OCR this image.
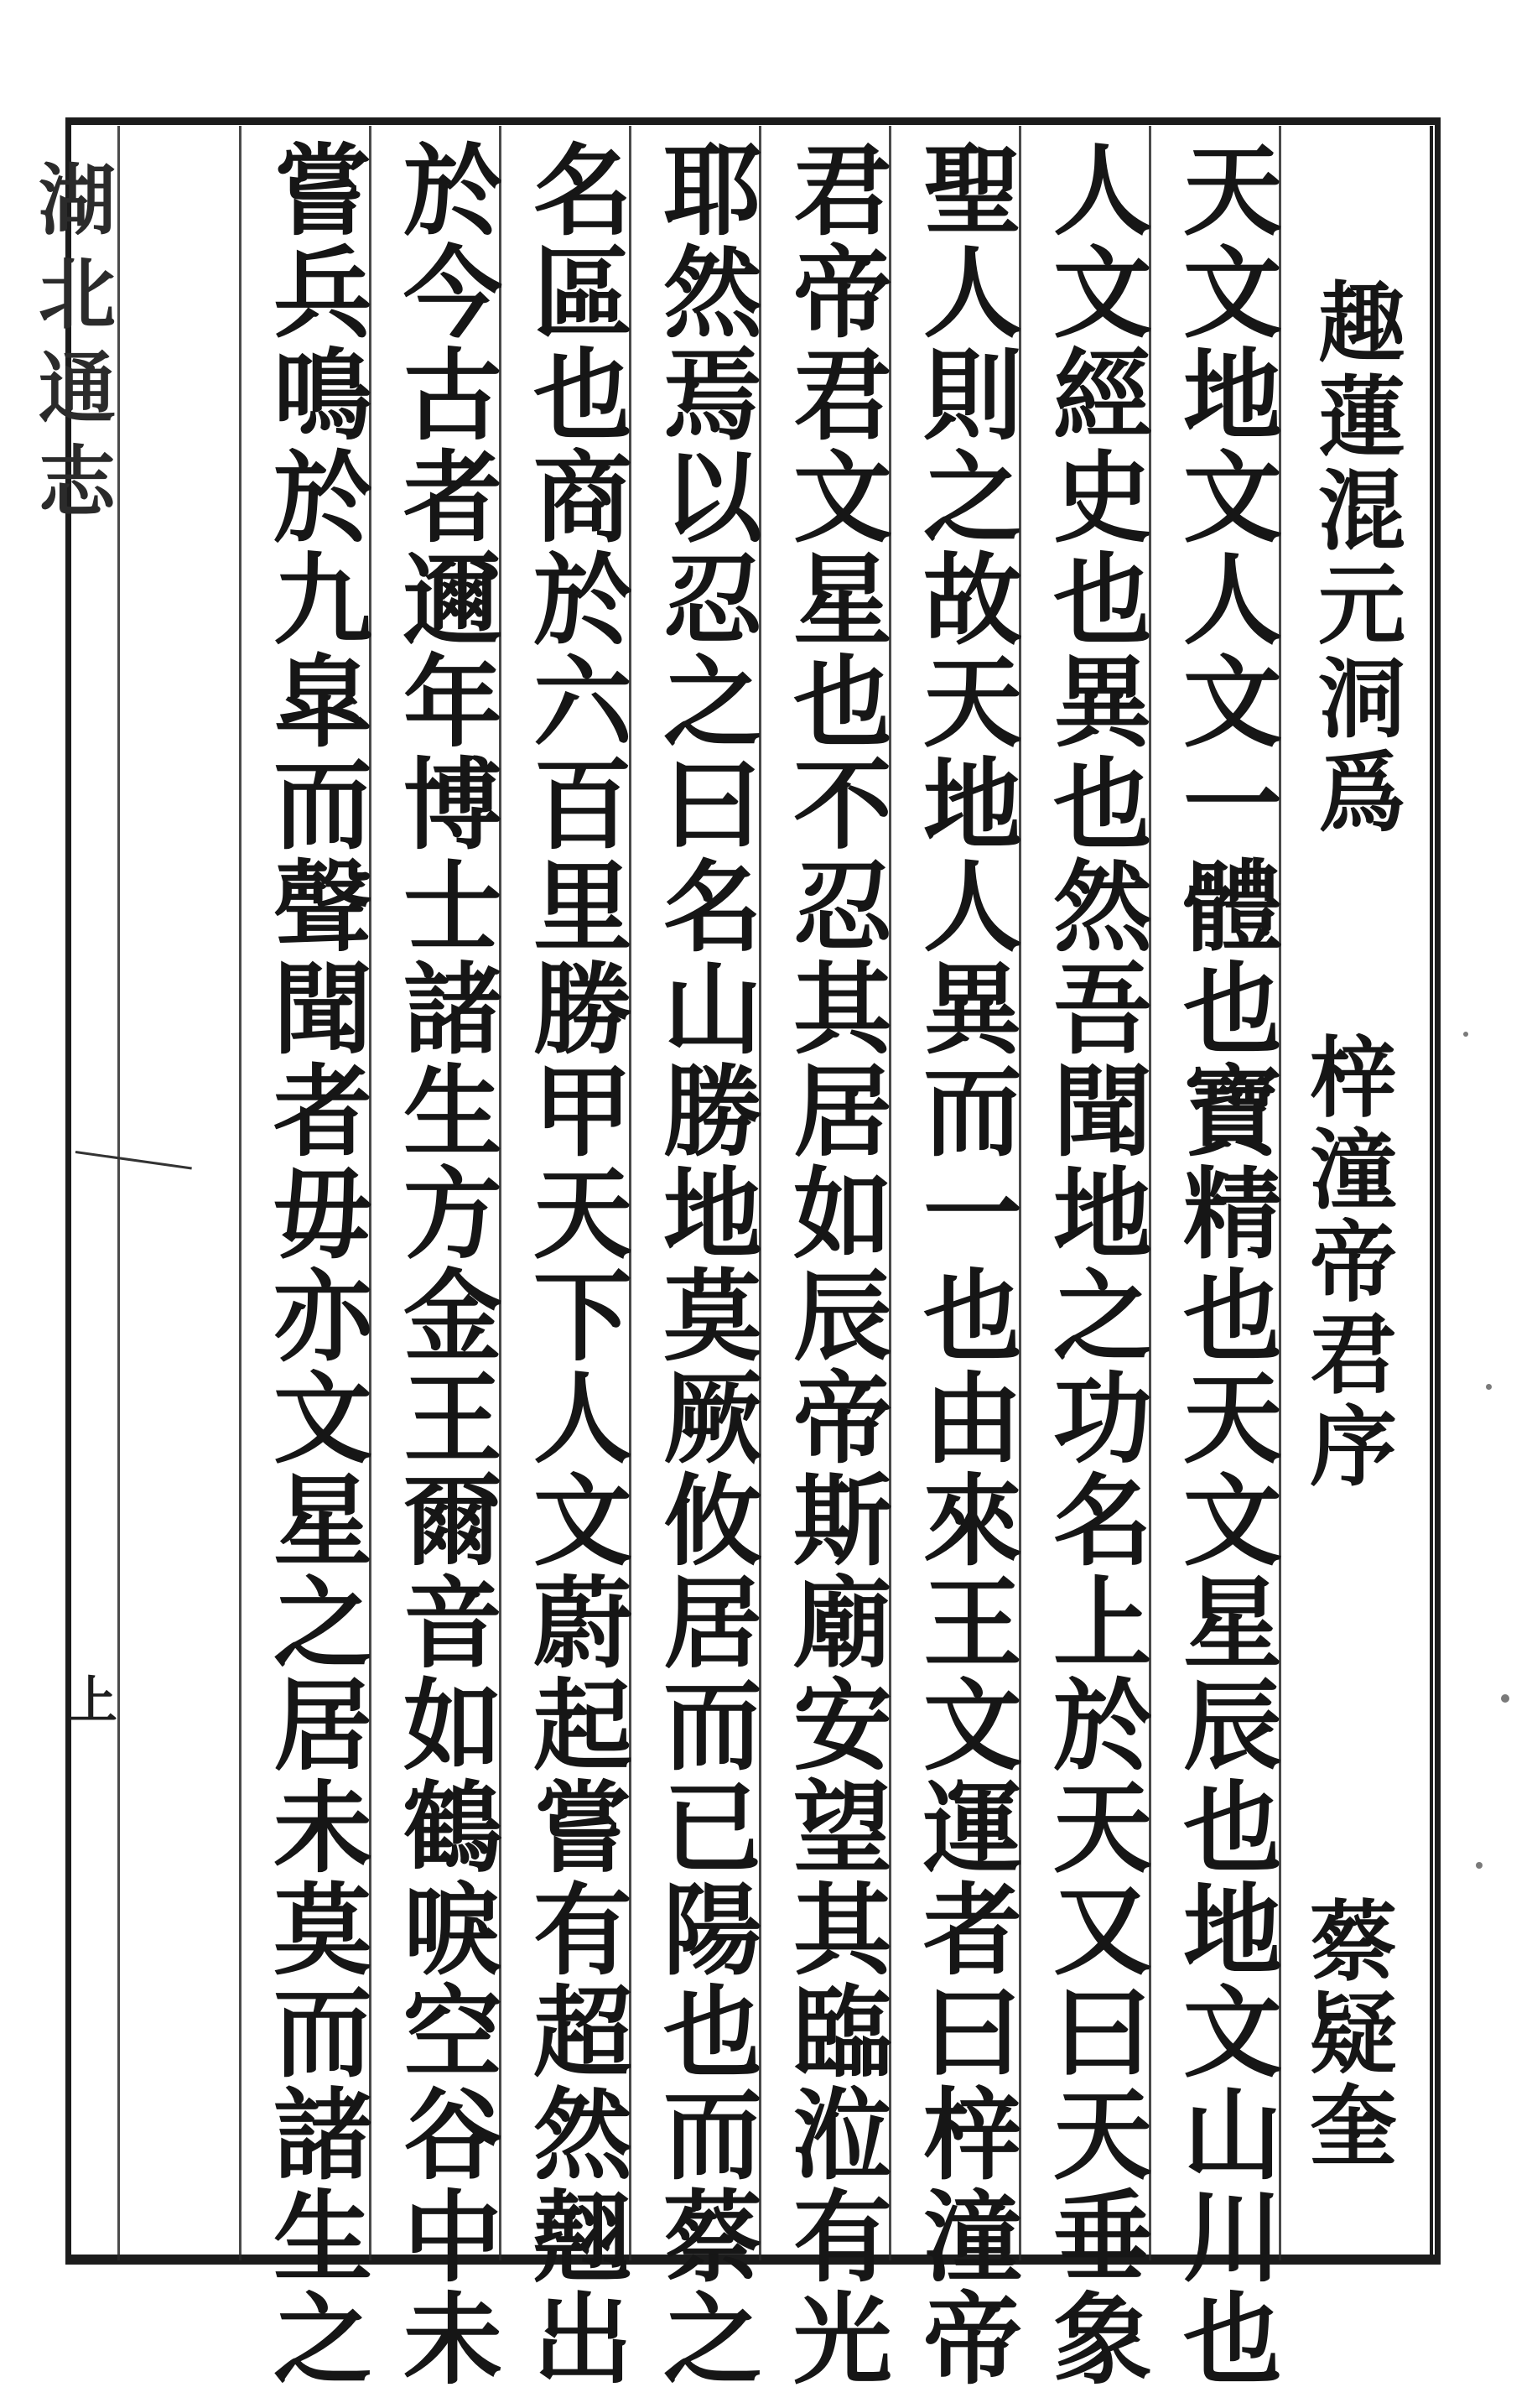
趣蓮混元洞爲
梓潼帝君序
蔡疑奎
天文地文人文一體也寶精也天文星辰也地文山川也
人文經史也異也然吾聞地之功名上於天又曰天垂象
聖人則之故天地人異而一也由來王文運者曰梓潼帝
君帝君文星也不忍其居如辰帝斯廟安望其臨涖有光
耶然焉以忍之曰名山勝地莫厥攸居而已陽也而蔡之
名區也商於六百里勝甲天下人文蔚起嘗有超然翹出
於今古者邇年博士諸生方金王爾音如鶴唳空谷中未
嘗兵鳴於九皐而聲聞者毋亦文星之居未莫而諸生之
湖北通志
上
